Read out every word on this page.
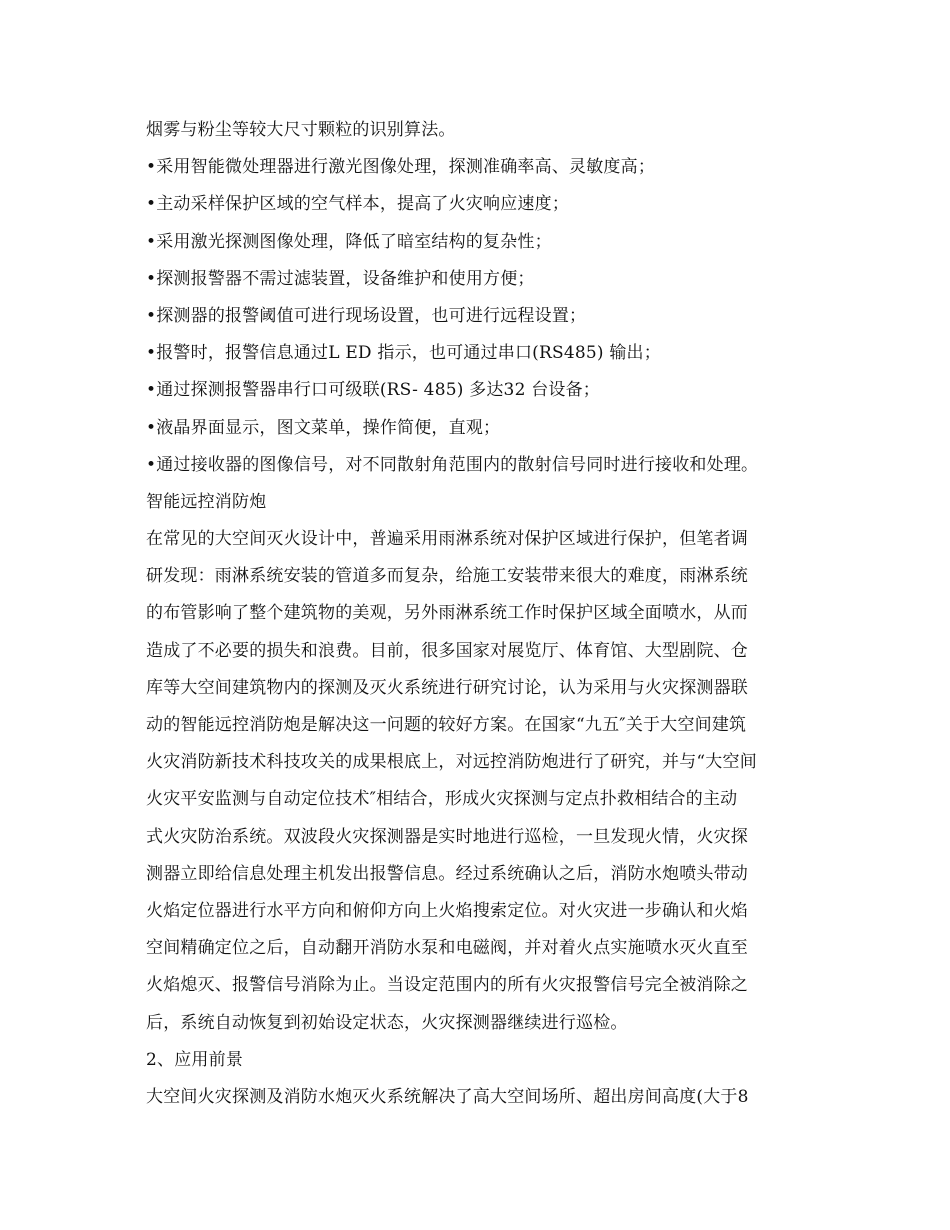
烟雾与粉尘等较大尺寸颗粒的识别算法。
•采用智能微处理器进行激光图像处理，探测准确率高、灵敏度高；
•主动采样保护区域的空气样本，提高了火灾响应速度；
•采用激光探测图像处理，降低了暗室结构的复杂性；
•探测报警器不需过滤装置，设备维护和使用方便；
•探测器的报警阈值可进行现场设置，也可进行远程设置；
•报警时，报警信息通过L ED 指示，也可通过串口(RS485) 输出；
•通过探测报警器串行口可级联(RS- 485) 多达32 台设备；
•液晶界面显示，图文菜单，操作简便，直观；
•通过接收器的图像信号，对不同散射角范围内的散射信号同时进行接收和处理。
智能远控消防炮
在常见的大空间灭火设计中，普遍采用雨淋系统对保护区域进行保护，但笔者调
研发现：雨淋系统安装的管道多而复杂，给施工安装带来很大的难度，雨淋系统
的布管影响了整个建筑物的美观，另外雨淋系统工作时保护区域全面喷水，从而
造成了不必要的损失和浪费。目前，很多国家对展览厅、体育馆、大型剧院、仓
库等大空间建筑物内的探测及灭火系统进行研究讨论，认为采用与火灾探测器联
动的智能远控消防炮是解决这一问题的较好方案。在国家“九五″关于大空间建筑
火灾消防新技术科技攻关的成果根底上，对远控消防炮进行了研究，并与“大空间
火灾平安监测与自动定位技术″相结合，形成火灾探测与定点扑救相结合的主动
式火灾防治系统。双波段火灾探测器是实时地进行巡检，一旦发现火情，火灾探
测器立即给信息处理主机发出报警信息。经过系统确认之后，消防水炮喷头带动
火焰定位器进行水平方向和俯仰方向上火焰搜索定位。对火灾进一步确认和火焰
空间精确定位之后，自动翻开消防水泵和电磁阀，并对着火点实施喷水灭火直至
火焰熄灭、报警信号消除为止。当设定范围内的所有火灾报警信号完全被消除之
后，系统自动恢复到初始设定状态，火灾探测器继续进行巡检。
2、应用前景
大空间火灾探测及消防水炮灭火系统解决了高大空间场所、超出房间高度(大于8
